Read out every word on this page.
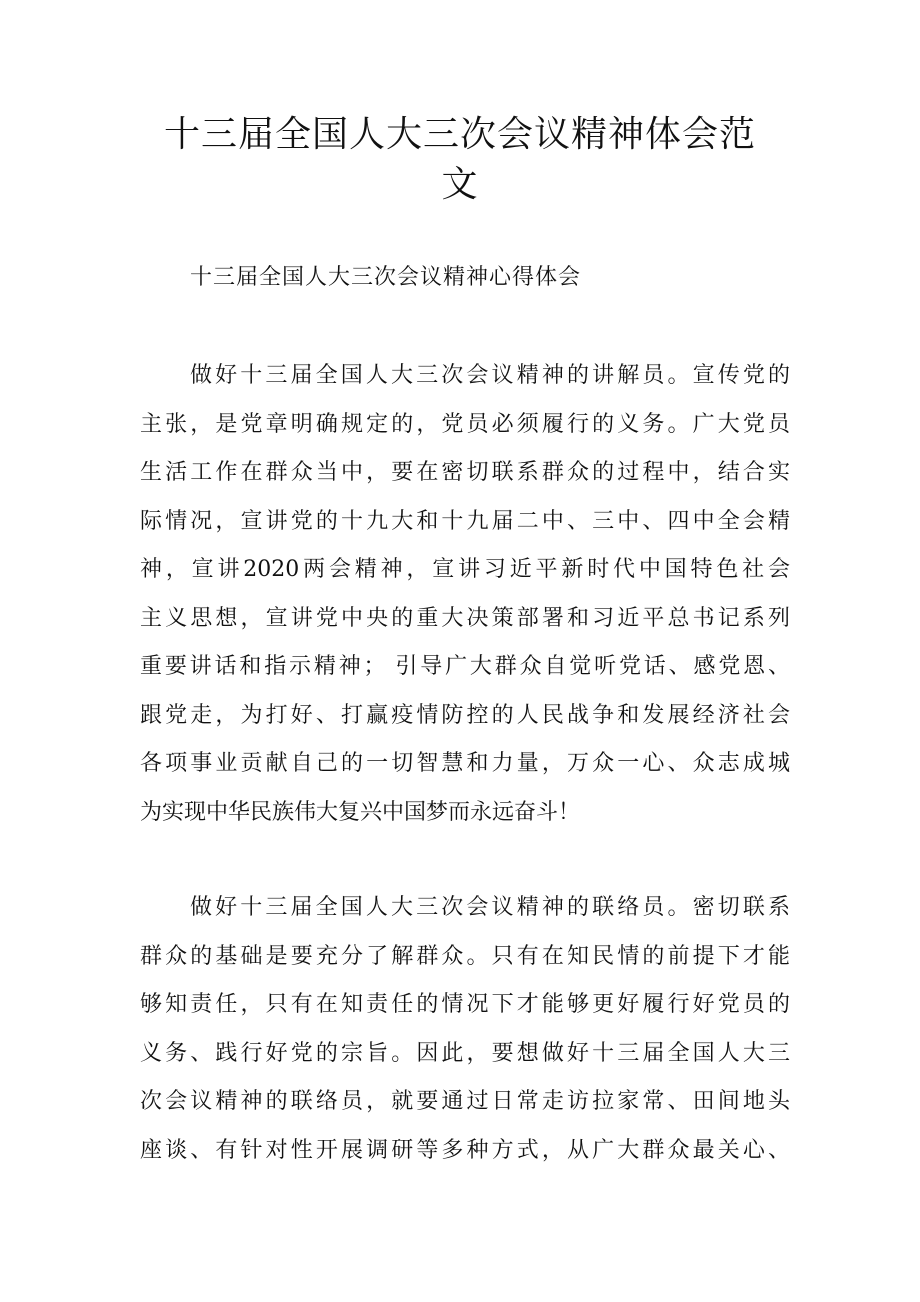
十三届全国人大三次会议精神体会范
文
十三届全国人大三次会议精神心得体会
做好十三届全国人大三次会议精神的讲解员。宣传党的
主张，是党章明确规定的，党员必须履行的义务。广大党员
生活工作在群众当中，要在密切联系群众的过程中，结合实
际情况，宣讲党的十九大和十九届二中、三中、四中全会精
神，宣讲2020两会精神，宣讲习近平新时代中国特色社会
主义思想，宣讲党中央的重大决策部署和习近平总书记系列
重要讲话和指示精神； 引导广大群众自觉听党话、感党恩、
跟党走，为打好、打赢疫情防控的人民战争和发展经济社会
各项事业贡献自己的一切智慧和力量，万众一心、众志成城
为实现中华民族伟大复兴中国梦而永远奋斗！
做好十三届全国人大三次会议精神的联络员。密切联系
群众的基础是要充分了解群众。只有在知民情的前提下才能
够知责任，只有在知责任的情况下才能够更好履行好党员的
义务、践行好党的宗旨。因此，要想做好十三届全国人大三
次会议精神的联络员，就要通过日常走访拉家常、田间地头
座谈、有针对性开展调研等多种方式，从广大群众最关心、
